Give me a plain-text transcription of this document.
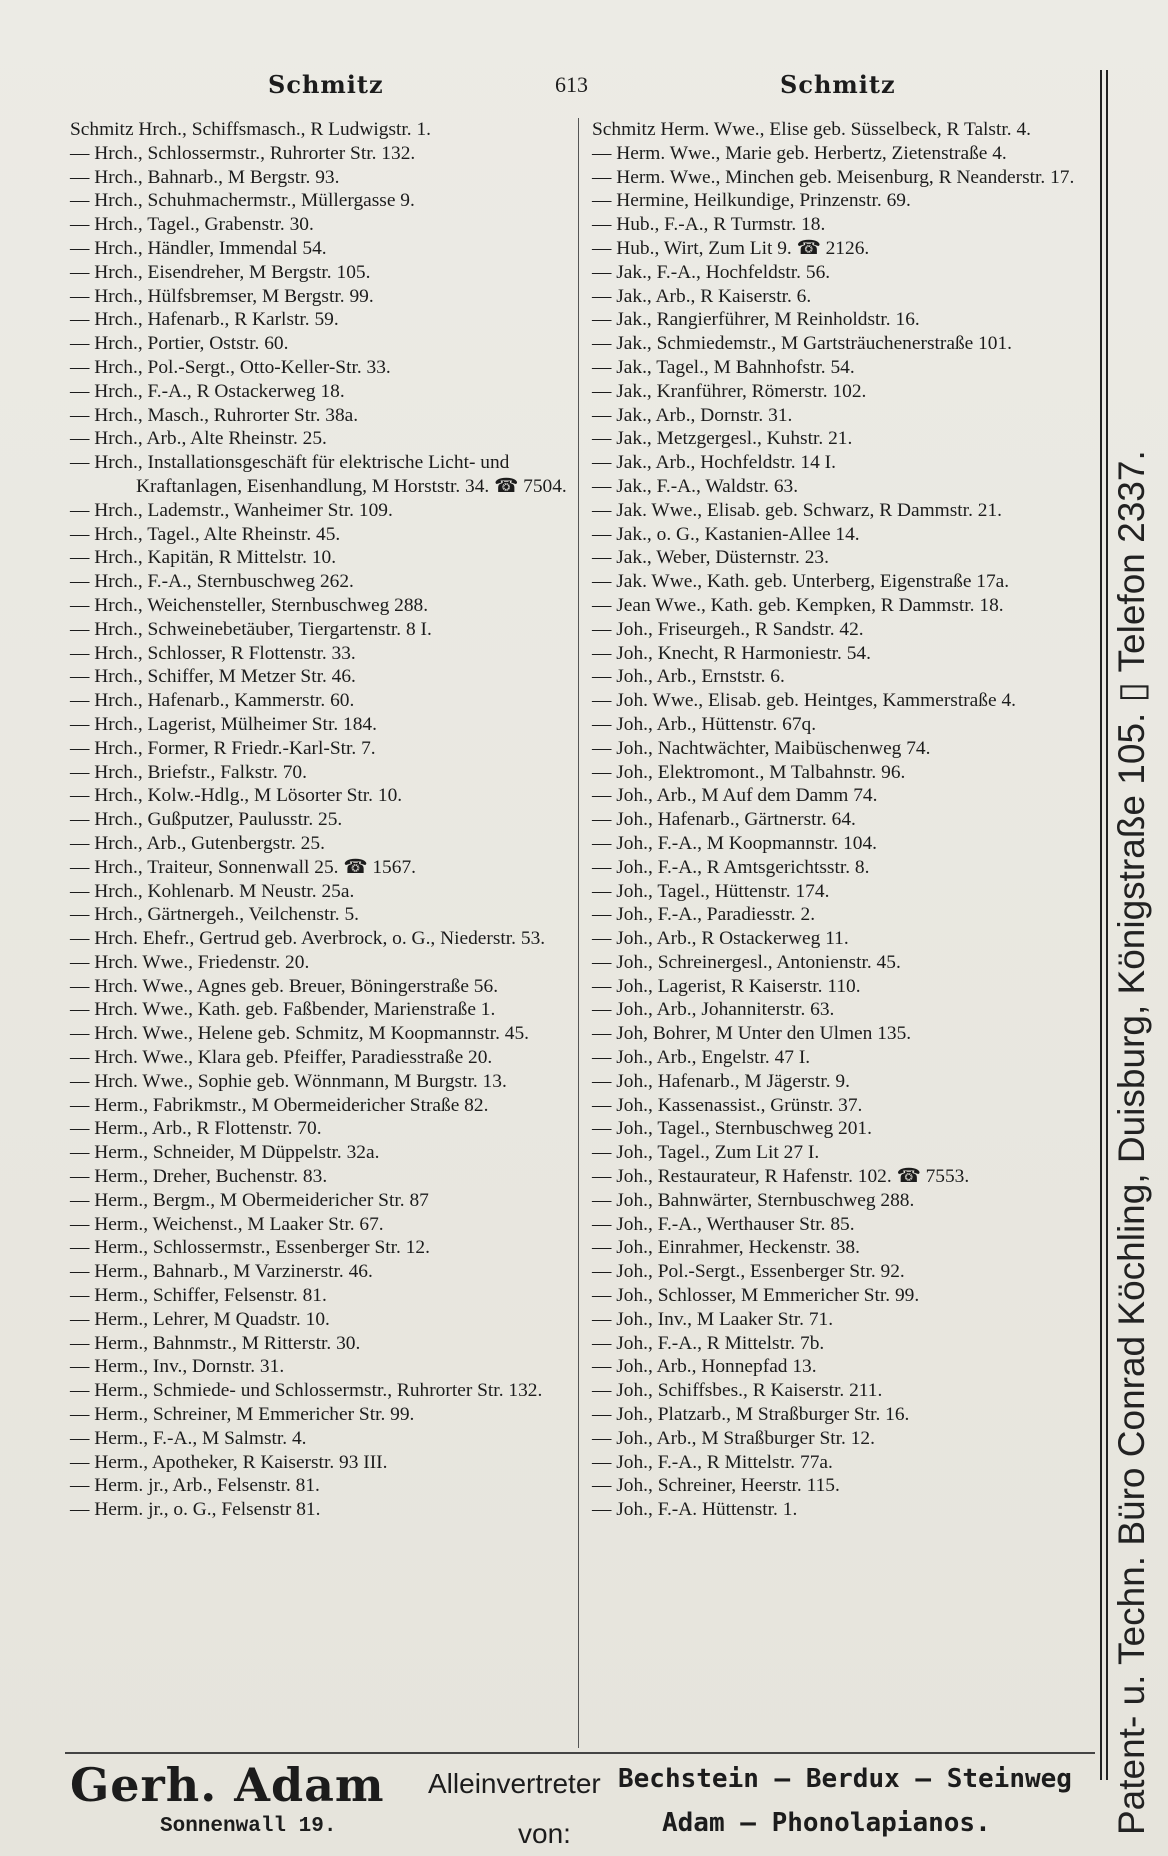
Schmitz	613	Schmitz
Schmitz Hrch., Schiffsmasch., R Ludwigstr. 1.
— Hrch., Schlossermstr., Ruhrorter Str. 132.
— Hrch., Bahnarb., M Bergstr. 93.
— Hrch., Schuhmachermstr., Müllergasse 9.
— Hrch., Tagel., Grabenstr. 30.
— Hrch., Händler, Immendal 54.
— Hrch., Eisendreher, M Bergstr. 105.
— Hrch., Hülfsbremser, M Bergstr. 99.
— Hrch., Hafenarb., R Karlstr. 59.
— Hrch., Portier, Oststr. 60.
— Hrch., Pol.-Sergt., Otto-Keller-Str. 33.
— Hrch., F.-A., R Ostackerweg 18.
— Hrch., Masch., Ruhrorter Str. 38a.
— Hrch., Arb., Alte Rheinstr. 25.
— Hrch., Installationsgeschäft für elektrische Licht- und Kraftanlagen, Eisenhandlung, M Horststr. 34. ☎ 7504.
— Hrch., Lademstr., Wanheimer Str. 109.
— Hrch., Tagel., Alte Rheinstr. 45.
— Hrch., Kapitän, R Mittelstr. 10.
— Hrch., F.-A., Sternbuschweg 262.
— Hrch., Weichensteller, Sternbuschweg 288.
— Hrch., Schweinebetäuber, Tiergartenstr. 8 I.
— Hrch., Schlosser, R Flottenstr. 33.
— Hrch., Schiffer, M Metzer Str. 46.
— Hrch., Hafenarb., Kammerstr. 60.
— Hrch., Lagerist, Mülheimer Str. 184.
— Hrch., Former, R Friedr.-Karl-Str. 7.
— Hrch., Briefstr., Falkstr. 70.
— Hrch., Kolw.-Hdlg., M Lösorter Str. 10.
— Hrch., Gußputzer, Paulusstr. 25.
— Hrch., Arb., Gutenbergstr. 25.
— Hrch., Traiteur, Sonnenwall 25. ☎ 1567.
— Hrch., Kohlenarb. M Neustr. 25a.
— Hrch., Gärtnergeh., Veilchenstr. 5.
— Hrch. Ehefr., Gertrud geb. Averbrock, o. G., Niederstr. 53.
— Hrch. Wwe., Friedenstr. 20.
— Hrch. Wwe., Agnes geb. Breuer, Böningerstraße 56.
— Hrch. Wwe., Kath. geb. Faßbender, Marienstraße 1.
— Hrch. Wwe., Helene geb. Schmitz, M Koopmannstr. 45.
— Hrch. Wwe., Klara geb. Pfeiffer, Paradiesstraße 20.
— Hrch. Wwe., Sophie geb. Wönnmann, M Burgstr. 13.
— Herm., Fabrikmstr., M Obermeidericher Straße 82.
— Herm., Arb., R Flottenstr. 70.
— Herm., Schneider, M Düppelstr. 32a.
— Herm., Dreher, Buchenstr. 83.
— Herm., Bergm., M Obermeidericher Str. 87
— Herm., Weichenst., M Laaker Str. 67.
— Herm., Schlossermstr., Essenberger Str. 12.
— Herm., Bahnarb., M Varzinerstr. 46.
— Herm., Schiffer, Felsenstr. 81.
— Herm., Lehrer, M Quadstr. 10.
— Herm., Bahnmstr., M Ritterstr. 30.
— Herm., Inv., Dornstr. 31.
— Herm., Schmiede- und Schlossermstr., Ruhrorter Str. 132.
— Herm., Schreiner, M Emmericher Str. 99.
— Herm., F.-A., M Salmstr. 4.
— Herm., Apotheker, R Kaiserstr. 93 III.
— Herm. jr., Arb., Felsenstr. 81.
— Herm. jr., o. G., Felsenstr 81.
Schmitz Herm. Wwe., Elise geb. Süsselbeck, R Talstr. 4.
— Herm. Wwe., Marie geb. Herbertz, Zietenstraße 4.
— Herm. Wwe., Minchen geb. Meisenburg, R Neanderstr. 17.
— Hermine, Heilkundige, Prinzenstr. 69.
— Hub., F.-A., R Turmstr. 18.
— Hub., Wirt, Zum Lit 9. ☎ 2126.
— Jak., F.-A., Hochfeldstr. 56.
— Jak., Arb., R Kaiserstr. 6.
— Jak., Rangierführer, M Reinholdstr. 16.
— Jak., Schmiedemstr., M Gartsträuchenerstraße 101.
— Jak., Tagel., M Bahnhofstr. 54.
— Jak., Kranführer, Römerstr. 102.
— Jak., Arb., Dornstr. 31.
— Jak., Metzgergesl., Kuhstr. 21.
— Jak., Arb., Hochfeldstr. 14 I.
— Jak., F.-A., Waldstr. 63.
— Jak. Wwe., Elisab. geb. Schwarz, R Dammstr. 21.
— Jak., o. G., Kastanien-Allee 14.
— Jak., Weber, Düsternstr. 23.
— Jak. Wwe., Kath. geb. Unterberg, Eigenstraße 17a.
— Jean Wwe., Kath. geb. Kempken, R Dammstr. 18.
— Joh., Friseurgeh., R Sandstr. 42.
— Joh., Knecht, R Harmoniestr. 54.
— Joh., Arb., Ernststr. 6.
— Joh. Wwe., Elisab. geb. Heintges, Kammerstraße 4.
— Joh., Arb., Hüttenstr. 67q.
— Joh., Nachtwächter, Maibüschenweg 74.
— Joh., Elektromont., M Talbahnstr. 96.
— Joh., Arb., M Auf dem Damm 74.
— Joh., Hafenarb., Gärtnerstr. 64.
— Joh., F.-A., M Koopmannstr. 104.
— Joh., F.-A., R Amtsgerichtsstr. 8.
— Joh., Tagel., Hüttenstr. 174.
— Joh., F.-A., Paradiesstr. 2.
— Joh., Arb., R Ostackerweg 11.
— Joh., Schreinergesl., Antonienstr. 45.
— Joh., Lagerist, R Kaiserstr. 110.
— Joh., Arb., Johanniterstr. 63.
— Joh, Bohrer, M Unter den Ulmen 135.
— Joh., Arb., Engelstr. 47 I.
— Joh., Hafenarb., M Jägerstr. 9.
— Joh., Kassenassist., Grünstr. 37.
— Joh., Tagel., Sternbuschweg 201.
— Joh., Tagel., Zum Lit 27 I.
— Joh., Restaurateur, R Hafenstr. 102. ☎ 7553.
— Joh., Bahnwärter, Sternbuschweg 288.
— Joh., F.-A., Werthauser Str. 85.
— Joh., Einrahmer, Heckenstr. 38.
— Joh., Pol.-Sergt., Essenberger Str. 92.
— Joh., Schlosser, M Emmericher Str. 99.
— Joh., Inv., M Laaker Str. 71.
— Joh., F.-A., R Mittelstr. 7b.
— Joh., Arb., Honnepfad 13.
— Joh., Schiffsbes., R Kaiserstr. 211.
— Joh., Platzarb., M Straßburger Str. 16.
— Joh., Arb., M Straßburger Str. 12.
— Joh., F.-A., R Mittelstr. 77a.
— Joh., Schreiner, Heerstr. 115.
— Joh., F.-A. Hüttenstr. 1.	Patent- u. Techn. Büro Conrad Köchling, Duisburg, Königstraße 105. ▯ Telefon 2337.
Gerh. Adam
Sonnenwall 19.
Alleinvertreter
von:
Bechstein – Berdux – Steinweg
Adam – Phonolapianos.
